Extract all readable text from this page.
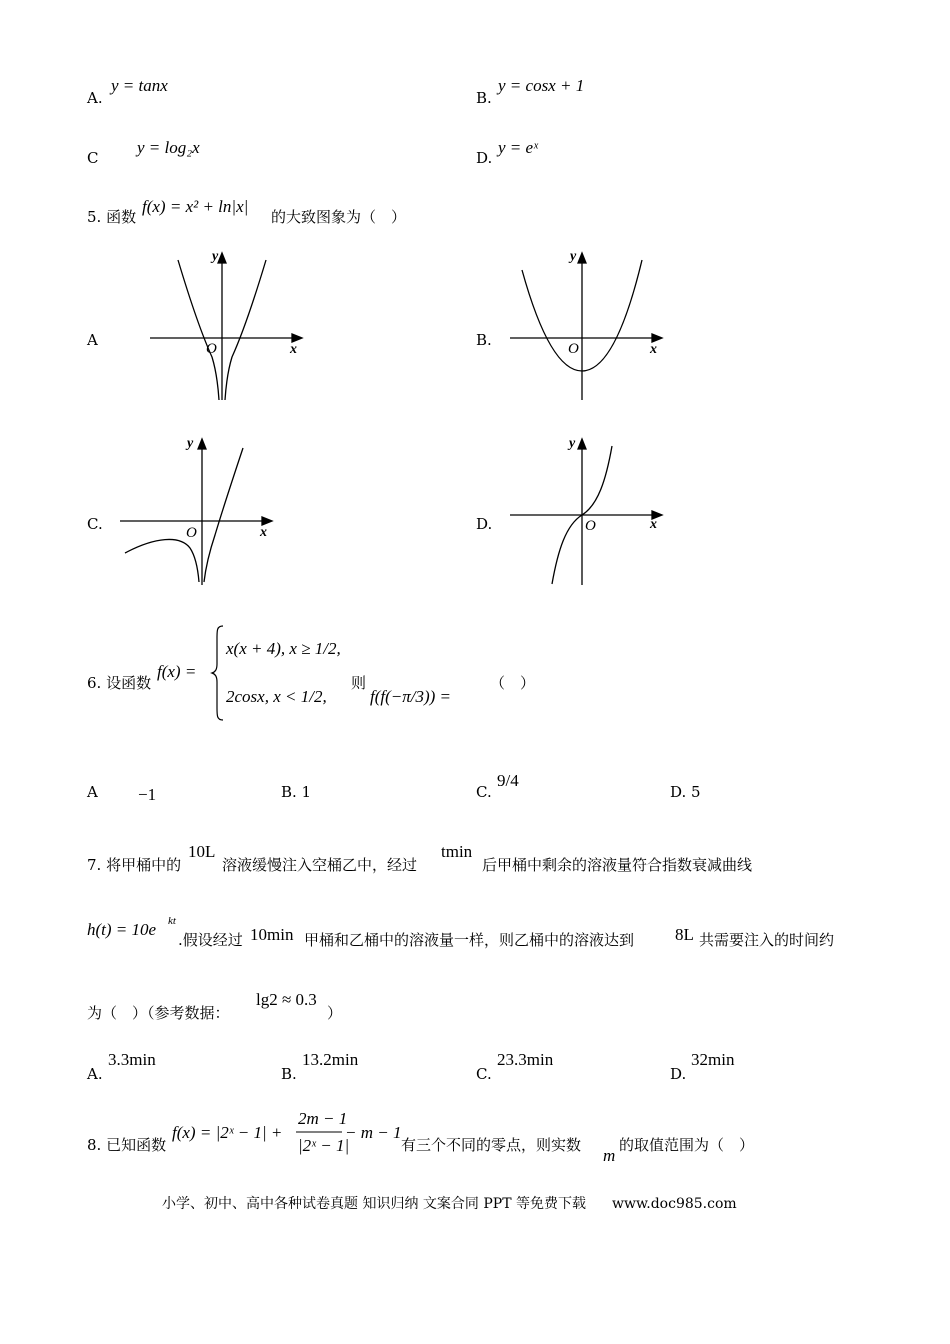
A.
y = tanx
B.
y = cosx + 1
C
y = log₂x
D.
y = eˣ
5. 函数
f(x) = x² + ln|x|
的大致图象为（　）
A	B.
C.	D.
y
x
O
y
x
O
y
x
O
y
x
O
6. 设函数
f(x) =
x(x + 4), x ≥ 1/2,
2cosx, x < 1/2,
则
f(f(−π/3)) =
（　）
A −1	B. 1	C.
9/4
D. 5
7. 将甲桶中的
10L
溶液缓慢注入空桶乙中，经过
tmin
后甲桶中剩余的溶液量符合指数衰减曲线
h(t) = 10e kt
.假设经过 10min 甲桶和乙桶中的溶液量一样，则乙桶中的溶液达到 8L 共需要注入的时间约
为（　）（参考数据：
lg2 ≈ 0.3
）
A.
3.3min
B.
13.2min
C.
23.3min
D.
32min
8. 已知函数
f(x) = |2ˣ − 1| +
2m − 1
|2ˣ − 1|
− m − 1
有三个不同的零点，则实数
m
的取值范围为（　）
小学、初中、高中各种试卷真题 知识归纳 文案合同 PPT 等免费下载 www.doc985.com
